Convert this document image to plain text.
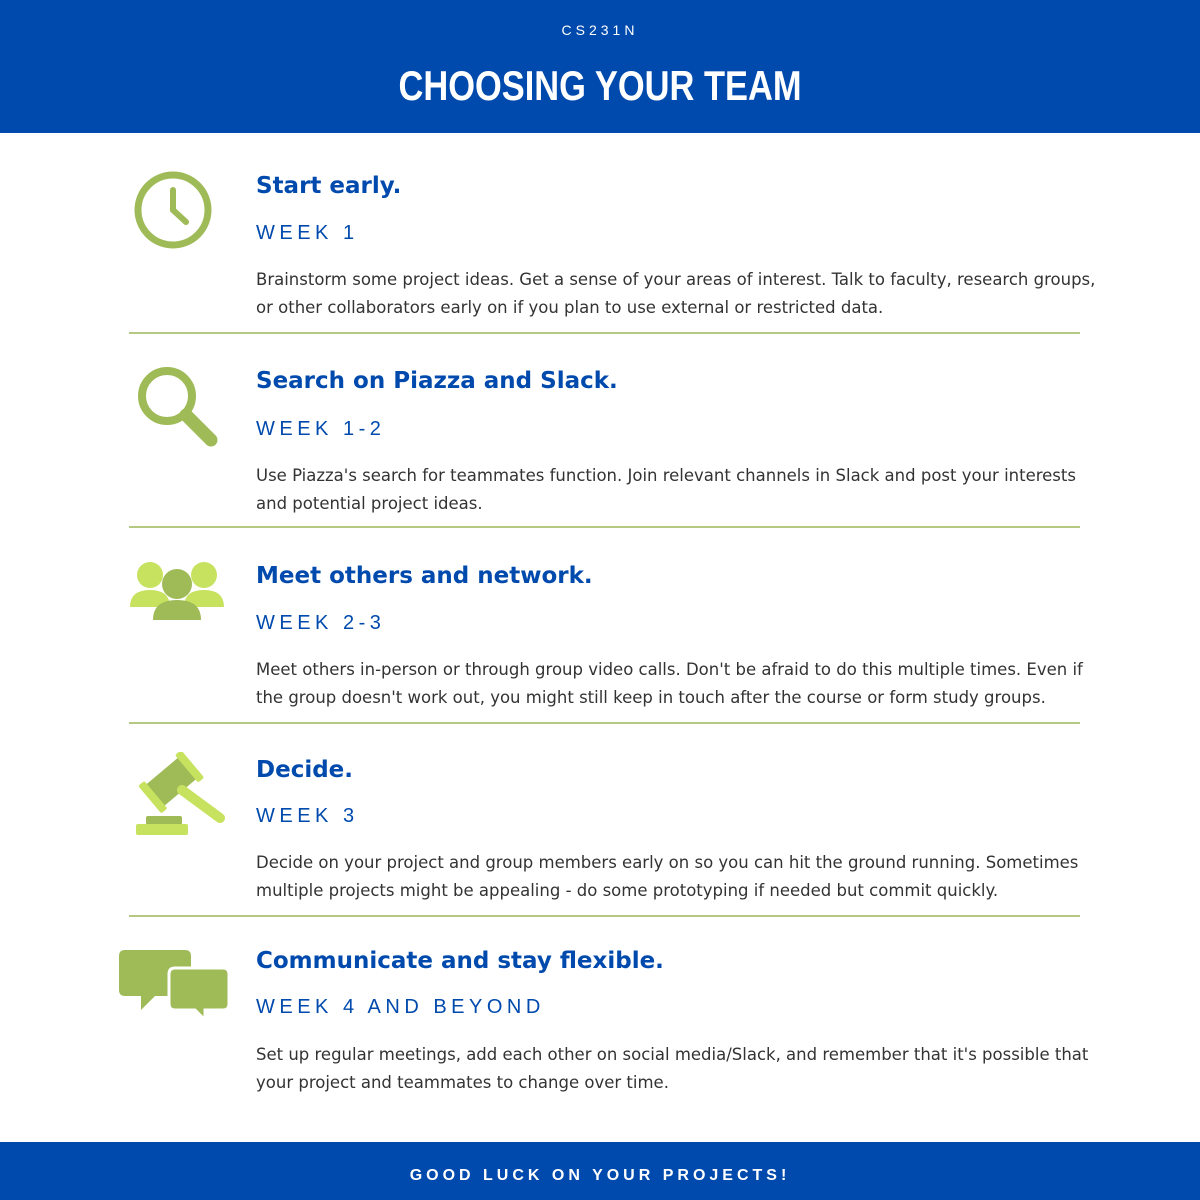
CS231N
CHOOSING YOUR TEAM
Start early.
WEEK 1
Brainstorm some project ideas. Get a sense of your areas of interest. Talk to faculty, research groups, or other collaborators early on if you plan to use external or restricted data.
Search on Piazza and Slack.
WEEK 1-2
Use Piazza's search for teammates function. Join relevant channels in Slack and post your interests and potential project ideas.
Meet others and network.
WEEK 2-3
Meet others in-person or through group video calls. Don't be afraid to do this multiple times. Even if the group doesn't work out, you might still keep in touch after the course or form study groups.
Decide.
WEEK 3
Decide on your project and group members early on so you can hit the ground running. Sometimes multiple projects might be appealing - do some prototyping if needed but commit quickly.
Communicate and stay flexible.
WEEK 4 AND BEYOND
Set up regular meetings, add each other on social media/Slack, and remember that it's possible that your project and teammates to change over time.
GOOD LUCK ON YOUR PROJECTS!
